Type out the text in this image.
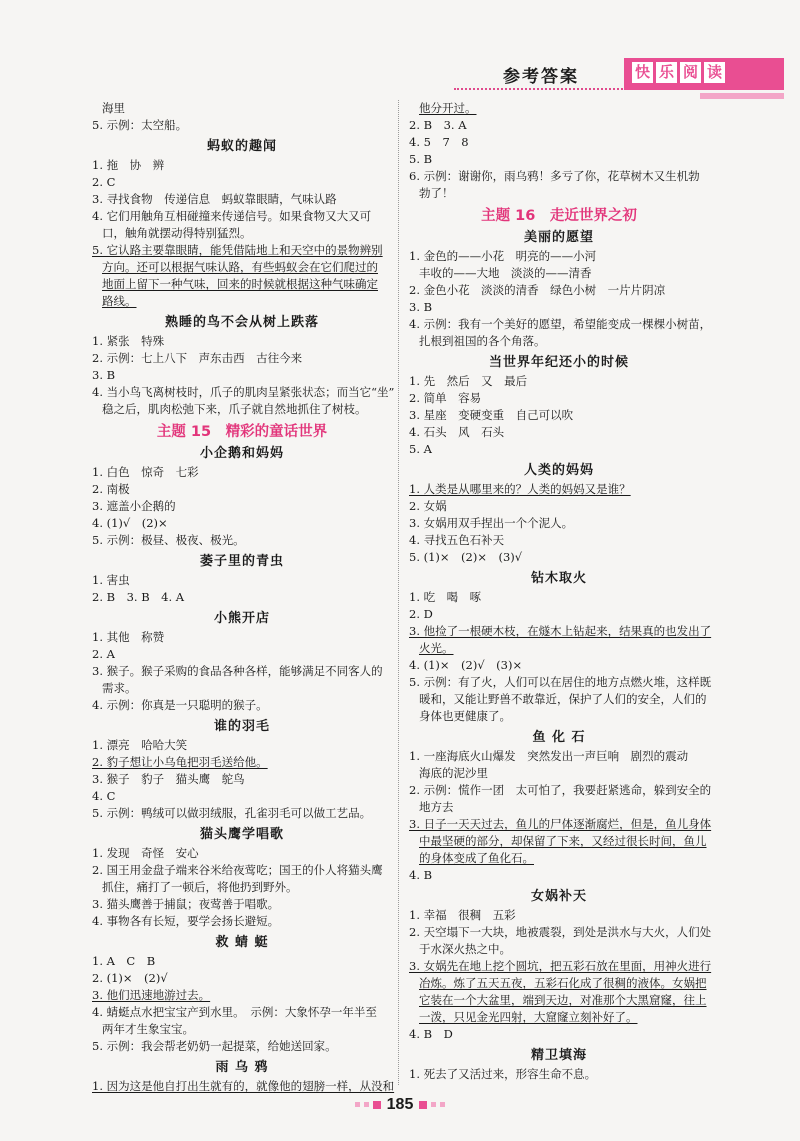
参考答案	快 乐 阅 读
海里
5. 示例：太空船。
蚂蚁的趣闻
1. 拖　协　辨
2. C
3. 寻找食物　传递信息　蚂蚁靠眼睛，气味认路
4. 它们用触角互相碰撞来传递信号。如果食物又大又可
口，触角就摆动得特别猛烈。
5. 它认路主要靠眼睛，能凭借陆地上和天空中的景物辨别
方向。还可以根据气味认路，有些蚂蚁会在它们爬过的
地面上留下一种气味，回来的时候就根据这种气味确定
路线。
熟睡的鸟不会从树上跌落
1. 紧张　特殊
2. 示例：七上八下　声东击西　古往今来
3. B
4. 当小鸟飞离树枝时，爪子的肌肉呈紧张状态；而当它“坐”
稳之后，肌肉松弛下来，爪子就自然地抓住了树枝。
主题 15　精彩的童话世界
小企鹅和妈妈
1. 白色　惊奇　七彩
2. 南极
3. 遮盖小企鹅的
4. (1)√　(2)×
5. 示例：极昼、极夜、极光。
萎子里的青虫
1. 害虫
2. B　3. B　4. A
小熊开店
1. 其他　称赞
2. A
3. 猴子。猴子采购的食品各种各样，能够满足不同客人的
需求。
4. 示例：你真是一只聪明的猴子。
谁的羽毛
1. 漂亮　哈哈大笑
2. 豹子想让小乌龟把羽毛送给他。
3. 猴子　豹子　猫头鹰　鸵鸟
4. C
5. 示例：鸭绒可以做羽绒服，孔雀羽毛可以做工艺品。
猫头鹰学唱歌
1. 发现　奇怪　安心
2. 国王用金盘子端来谷米给夜莺吃；国王的仆人将猫头鹰
抓住，痛打了一顿后，将他扔到野外。
3. 猫头鹰善于捕鼠；夜莺善于唱歌。
4. 事物各有长短，要学会扬长避短。
救 蜻 蜓
1. A　C　B
2. (1)×　(2)√
3. 他们迅速地游过去。
4. 蜻蜓点水把宝宝产到水里。　示例：大象怀孕一年半至
两年才生象宝宝。
5. 示例：我会帮老奶奶一起提菜，给她送回家。
雨 乌 鸦
1. 因为这是他自打出生就有的，就像他的翅膀一样，从没和
他分开过。
2. B　3. A
4. 5　7　8
5. B
6. 示例：谢谢你，雨乌鸦！多亏了你，花草树木又生机勃
勃了！
主题 16　走近世界之初
美丽的愿望
1. 金色的——小花　明亮的——小河
丰收的——大地　淡淡的——清香
2. 金色小花　淡淡的清香　绿色小树　一片片阴凉
3. B
4. 示例：我有一个美好的愿望，希望能变成一棵棵小树苗，
扎根到祖国的各个角落。
当世界年纪还小的时候
1. 先　然后　又　最后
2. 简单　容易
3. 星座　变硬变重　自己可以吹
4. 石头　风　石头
5. A
人类的妈妈
1. 人类是从哪里来的？人类的妈妈又是谁？
2. 女娲
3. 女娲用双手捏出一个个泥人。
4. 寻找五色石补天
5. (1)×　(2)×　(3)√
钻木取火
1. 吃　喝　啄
2. D
3. 他捡了一根硬木枝，在燧木上钻起来，结果真的也发出了
火光。
4. (1)×　(2)√　(3)×
5. 示例：有了火，人们可以在居住的地方点燃火堆，这样既
暖和，又能让野兽不敢靠近，保护了人们的安全，人们的
身体也更健康了。
鱼 化 石
1. 一座海底火山爆发　突然发出一声巨响　剧烈的震动
海底的泥沙里
2. 示例：慌作一团　太可怕了，我要赶紧逃命，躲到安全的
地方去
3. 日子一天天过去，鱼儿的尸体逐渐腐烂，但是，鱼儿身体
中最坚硬的部分，却保留了下来，又经过很长时间，鱼儿
的身体变成了鱼化石。
4. B
女娲补天
1. 幸福　很稠　五彩
2. 天空塌下一大块，地被震裂，到处是洪水与大火，人们处
于水深火热之中。
3. 女娲先在地上挖个圆坑，把五彩石放在里面，用神火进行
冶炼。炼了五天五夜，五彩石化成了很稠的液体。女娲把
它装在一个大盆里，端到天边，对准那个大黑窟窿，往上
一泼，只见金光四射，大窟窿立刻补好了。
4. B　D
精卫填海
1. 死去了又活过来，形容生命不息。
185
